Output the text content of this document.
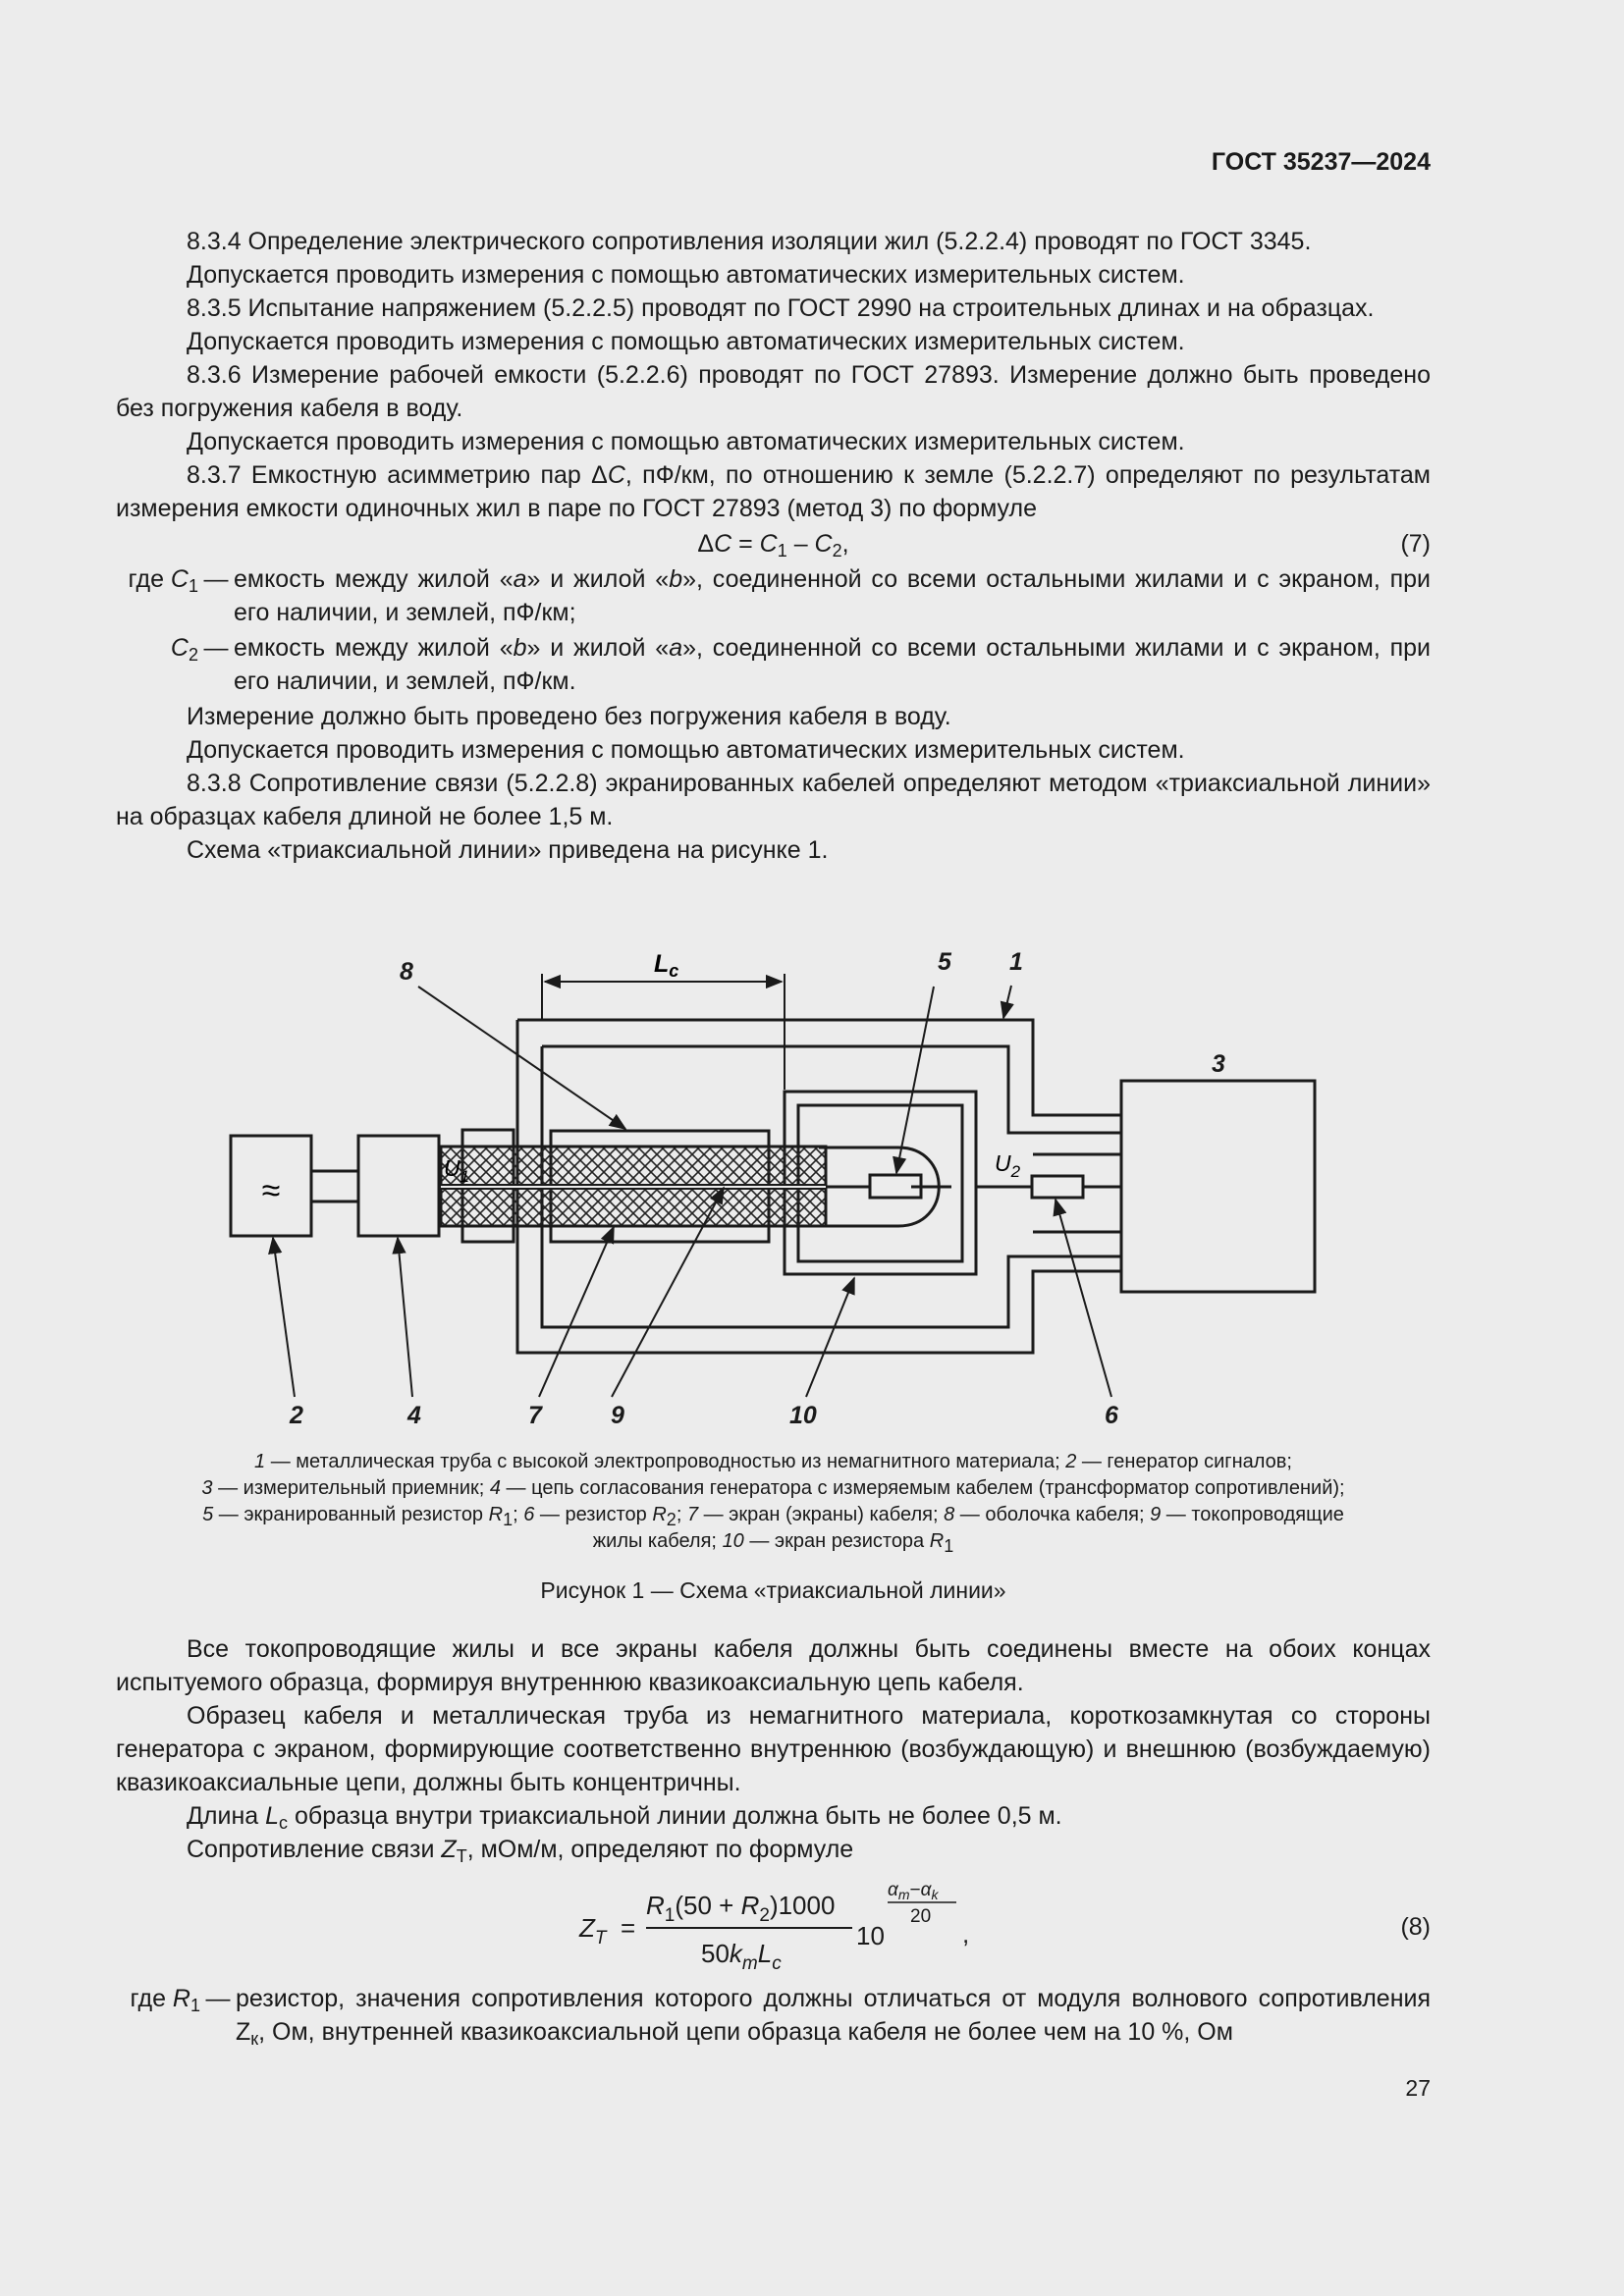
ГОСТ 35237—2024

8.3.4 Определение электрического сопротивления изоляции жил (5.2.2.4) проводят по ГОСТ 3345.

Допускается проводить измерения с помощью автоматических измерительных систем.

8.3.5 Испытание напряжением (5.2.2.5) проводят по ГОСТ 2990 на строительных длинах и на образцах.

Допускается проводить измерения с помощью автоматических измерительных систем.

8.3.6 Измерение рабочей емкости (5.2.2.6) проводят по ГОСТ 27893. Измерение должно быть проведено без погружения кабеля в воду.

Допускается проводить измерения с помощью автоматических измерительных систем.

8.3.7 Емкостную асимметрию пар ΔC, пФ/км, по отношению к земле (5.2.2.7) определяют по результатам измерения емкости одиночных жил в паре по ГОСТ 27893 (метод 3) по формуле

$\Delta C = C_1 - C_2$,	(7)
где $C_1$ — емкость между жилой «a» и жилой «b», соединенной со всеми остальными жилами и с экраном, при его наличии, и землей, пФ/км;
$C_2$ — емкость между жилой «b» и жилой «a», соединенной со всеми остальными жилами и с экраном, при его наличии, и землей, пФ/км.

Измерение должно быть проведено без погружения кабеля в воду.

Допускается проводить измерения с помощью автоматических измерительных систем.

8.3.8 Сопротивление связи (5.2.2.8) экранированных кабелей определяют методом «триаксиальной линии» на образцах кабеля длиной не более 1,5 м.

Схема «триаксиальной линии» приведена на рисунке 1.

≈
$L_c$
$U_1$
$U_2$
8	5 1
3
2	4	7	9	10	6
1 — металлическая труба с высокой электропроводностью из немагнитного материала; 2 — генератор сигналов;
3 — измерительный приемник; 4 — цепь согласования генератора с измеряемым кабелем (трансформатор сопротивлений);
5 — экранированный резистор $R_1$; 6 — резистор $R_2$; 7 — экран (экраны) кабеля; 8 — оболочка кабеля; 9 — токопроводящие
жилы кабеля; 10 — экран резистора $R_1$
Рисунок 1 — Схема «триаксиальной линии»

Все токопроводящие жилы и все экраны кабеля должны быть соединены вместе на обоих концах испытуемого образца, формируя внутреннюю квазикоаксиальную цепь кабеля.

Образец кабеля и металлическая труба из немагнитного материала, короткозамкнутая со стороны генератора с экраном, формирующие соответственно внутреннюю (возбуждающую) и внешнюю (возбуждаемую) квазикоаксиальные цепи, должны быть концентричны.

Длина $L_c$ образца внутри триаксиальной линии должна быть не более 0,5 м.

Сопротивление связи $Z_T$, мОм/м, определяют по формуле

$Z_T$ =
$R_1(50 + R_2)1000$
$50k_mL_c$
10
$\alpha_m-\alpha_k$
20
,	(8)
где $R_1$ — резистор, значения сопротивления которого должны отличаться от модуля волнового сопротивления $Z_к$, Ом, внутренней квазикоаксиальной цепи образца кабеля не более чем на 10 %, Ом
27
